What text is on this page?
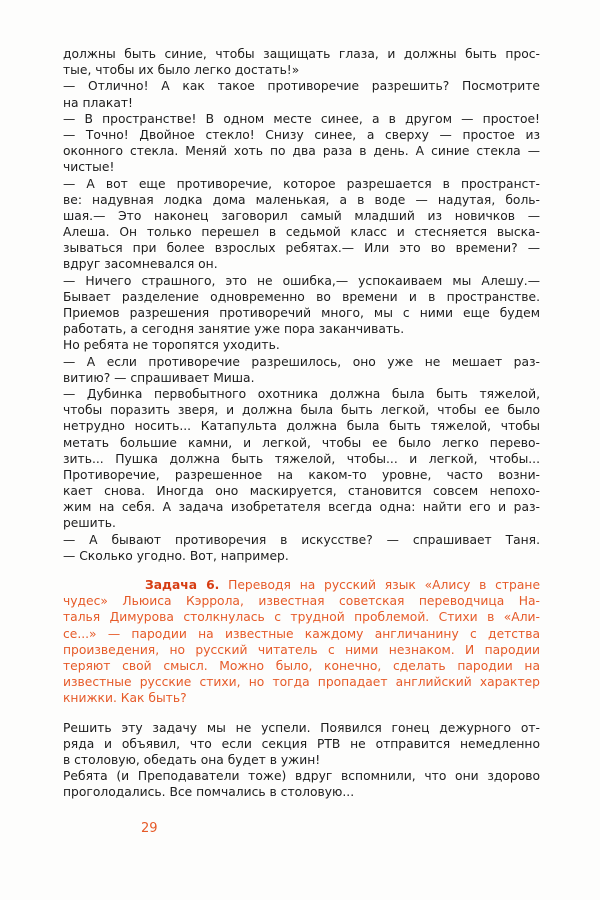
должны быть синие, чтобы защищать глаза, и должны быть прос-
тые, чтобы их было легко достать!»
— Отлично! А как такое противоречие разрешить? Посмотрите
на плакат!
— В пространстве! В одном месте синее, а в другом — простое!
— Точно! Двойное стекло! Снизу синее, а сверху — простое из
оконного стекла. Меняй хоть по два раза в день. А синие стекла —
чистые!
— А вот еще противоречие, которое разрешается в пространст-
ве: надувная лодка дома маленькая, а в воде — надутая, боль-
шая.— Это наконец заговорил самый младший из новичков —
Алеша. Он только перешел в седьмой класс и стесняется выска-
зываться при более взрослых ребятах.— Или это во времени? —
вдруг засомневался он.
— Ничего страшного, это не ошибка,— успокаиваем мы Алешу.—
Бывает разделение одновременно во времени и в пространстве.
Приемов разрешения противоречий много, мы с ними еще будем
работать, а сегодня занятие уже пора заканчивать.
Но ребята не торопятся уходить.
— А если противоречие разрешилось, оно уже не мешает раз-
витию? — спрашивает Миша.
— Дубинка первобытного охотника должна была быть тяжелой,
чтобы поразить зверя, и должна была быть легкой, чтобы ее было
нетрудно носить... Катапульта должна была быть тяжелой, чтобы
метать большие камни, и легкой, чтобы ее было легко перево-
зить... Пушка должна быть тяжелой, чтобы... и легкой, чтобы...
Противоречие, разрешенное на каком-то уровне, часто возни-
кает снова. Иногда оно маскируется, становится совсем непохо-
жим на себя. А задача изобретателя всегда одна: найти его и раз-
решить.
— А бывают противоречия в искусстве? — спрашивает Таня.
— Сколько угодно. Вот, например.
Задача 6. Переводя на русский язык «Алису в стране
чудес» Льюиса Кэррола, известная советская переводчица На-
талья Димурова столкнулась с трудной проблемой. Стихи в «Али-
се...» — пародии на известные каждому англичанину с детства
произведения, но русский читатель с ними незнаком. И пародии
теряют свой смысл. Можно было, конечно, сделать пародии на
известные русские стихи, но тогда пропадает английский характер
книжки. Как быть?
Решить эту задачу мы не успели. Появился гонец дежурного от-
ряда и объявил, что если секция РТВ не отправится немедленно
в столовую, обедать она будет в ужин!
Ребята (и Преподаватели тоже) вдруг вспомнили, что они здорово
проголодались. Все помчались в столовую...
29
